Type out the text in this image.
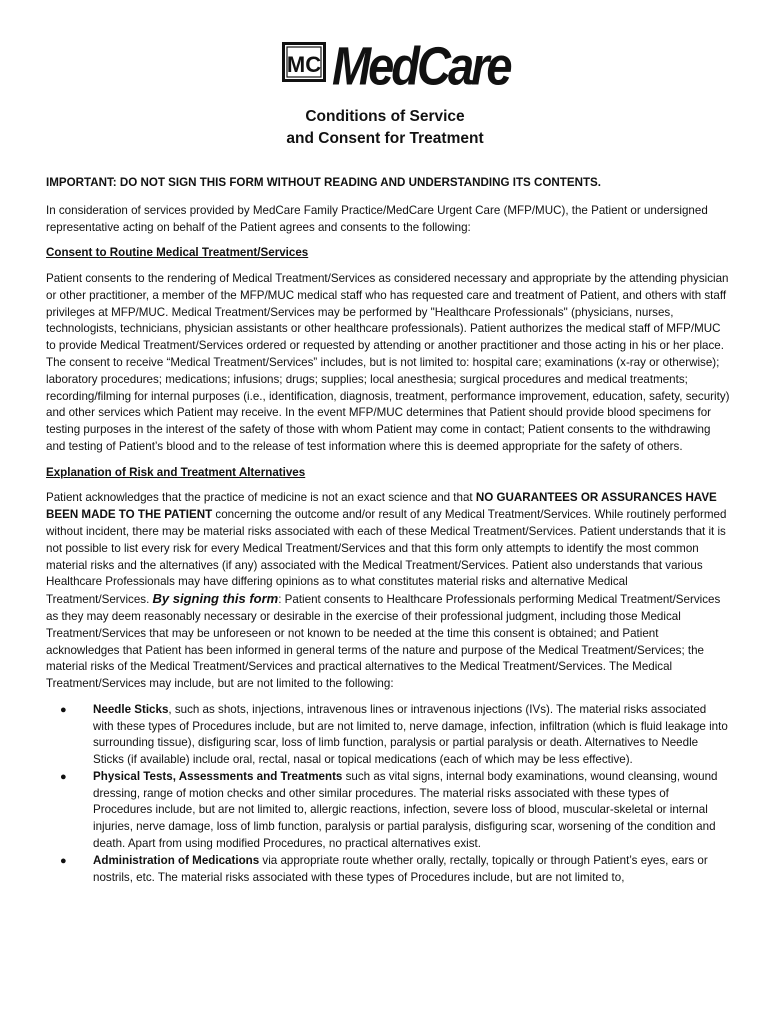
MC MedCare
Conditions of Service
and Consent for Treatment

IMPORTANT: DO NOT SIGN THIS FORM WITHOUT READING AND UNDERSTANDING ITS CONTENTS.

In consideration of services provided by MedCare Family Practice/MedCare Urgent Care (MFP/MUC), the Patient or undersigned representative acting on behalf of the Patient agrees and consents to the following:

Consent to Routine Medical Treatment/Services

Patient consents to the rendering of Medical Treatment/Services as considered necessary and appropriate by the attending physician or other practitioner, a member of the MFP/MUC medical staff who has requested care and treatment of Patient, and others with staff privileges at MFP/MUC. Medical Treatment/Services may be performed by "Healthcare Professionals" (physicians, nurses, technologists, technicians, physician assistants or other healthcare professionals). Patient authorizes the medical staff of MFP/MUC to provide Medical Treatment/Services ordered or requested by attending or another practitioner and those acting in his or her place. The consent to receive “Medical Treatment/Services” includes, but is not limited to: hospital care; examinations (x-ray or otherwise); laboratory procedures; medications; infusions; drugs; supplies; local anesthesia; surgical procedures and medical treatments; recording/filming for internal purposes (i.e., identification, diagnosis, treatment, performance improvement, education, safety, security) and other services which Patient may receive. In the event MFP/MUC determines that Patient should provide blood specimens for testing purposes in the interest of the safety of those with whom Patient may come in contact; Patient consents to the withdrawing and testing of Patient’s blood and to the release of test information where this is deemed appropriate for the safety of others.

Explanation of Risk and Treatment Alternatives

Patient acknowledges that the practice of medicine is not an exact science and that NO GUARANTEES OR ASSURANCES HAVE BEEN MADE TO THE PATIENT concerning the outcome and/or result of any Medical Treatment/Services. While routinely performed without incident, there may be material risks associated with each of these Medical Treatment/Services. Patient understands that it is not possible to list every risk for every Medical Treatment/Services and that this form only attempts to identify the most common material risks and the alternatives (if any) associated with the Medical Treatment/Services. Patient also understands that various Healthcare Professionals may have differing opinions as to what constitutes material risks and alternative Medical Treatment/Services. By signing this form: Patient consents to Healthcare Professionals performing Medical Treatment/Services as they may deem reasonably necessary or desirable in the exercise of their professional judgment, including those Medical Treatment/Services that may be unforeseen or not known to be needed at the time this consent is obtained; and Patient acknowledges that Patient has been informed in general terms of the nature and purpose of the Medical Treatment/Services; the material risks of the Medical Treatment/Services and practical alternatives to the Medical Treatment/Services. The Medical Treatment/Services may include, but are not limited to the following:

● Needle Sticks, such as shots, injections, intravenous lines or intravenous injections (IVs). The material risks associated with these types of Procedures include, but are not limited to, nerve damage, infection, infiltration (which is fluid leakage into surrounding tissue), disfiguring scar, loss of limb function, paralysis or partial paralysis or death. Alternatives to Needle Sticks (if available) include oral, rectal, nasal or topical medications (each of which may be less effective).
● Physical Tests, Assessments and Treatments such as vital signs, internal body examinations, wound cleansing, wound dressing, range of motion checks and other similar procedures. The material risks associated with these types of Procedures include, but are not limited to, allergic reactions, infection, severe loss of blood, muscular-skeletal or internal injuries, nerve damage, loss of limb function, paralysis or partial paralysis, disfiguring scar, worsening of the condition and death. Apart from using modified Procedures, no practical alternatives exist.
● Administration of Medications via appropriate route whether orally, rectally, topically or through Patient’s eyes, ears or nostrils, etc. The material risks associated with these types of Procedures include, but are not limited to,
